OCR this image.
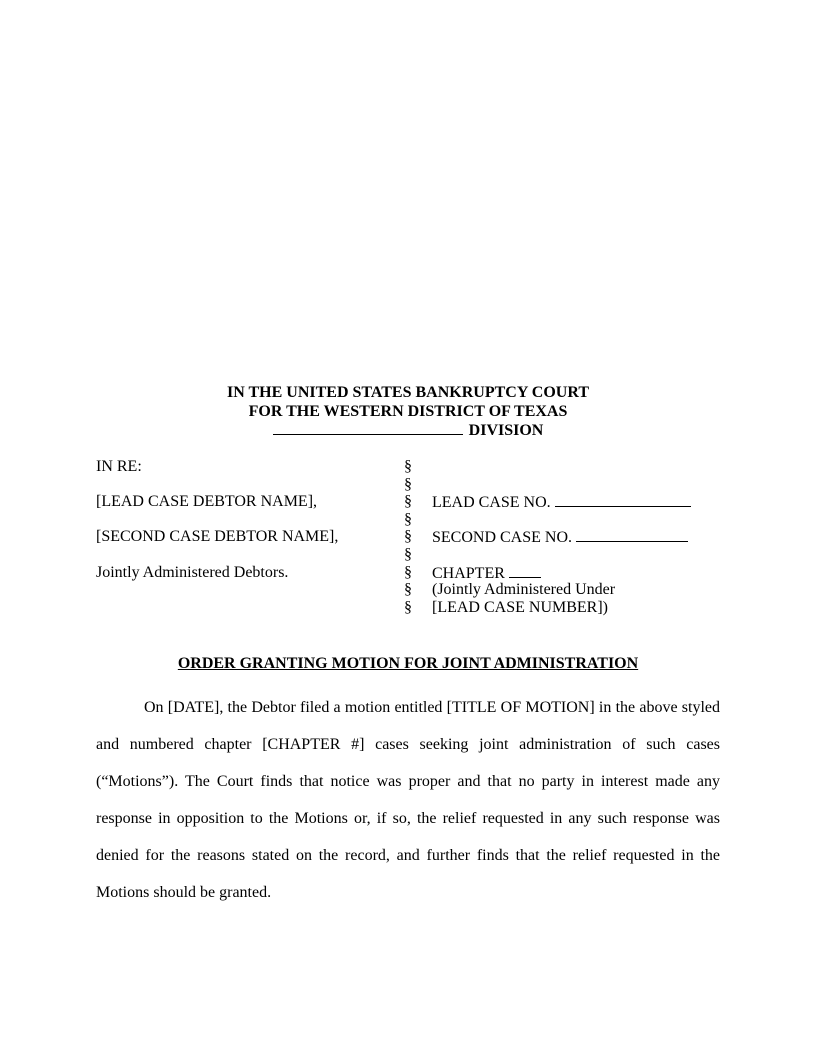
IN THE UNITED STATES BANKRUPTCY COURT
FOR THE WESTERN DISTRICT OF TEXAS
DIVISION
IN RE:
[LEAD CASE DEBTOR NAME],
[SECOND CASE DEBTOR NAME],
Jointly Administered Debtors.
§
§
§
§
§
§
§
§
§
LEAD CASE NO.
SECOND CASE NO.
CHAPTER
(Jointly Administered Under
[LEAD CASE NUMBER])
ORDER GRANTING MOTION FOR JOINT ADMINISTRATION

On [DATE], the Debtor filed a motion entitled [TITLE OF MOTION] in the above styled and numbered chapter [CHAPTER #] cases seeking joint administration of such cases (“Motions”). The Court finds that notice was proper and that no party in interest made any response in opposition to the Motions or, if so, the relief requested in any such response was denied for the reasons stated on the record, and further finds that the relief requested in the Motions should be granted.
